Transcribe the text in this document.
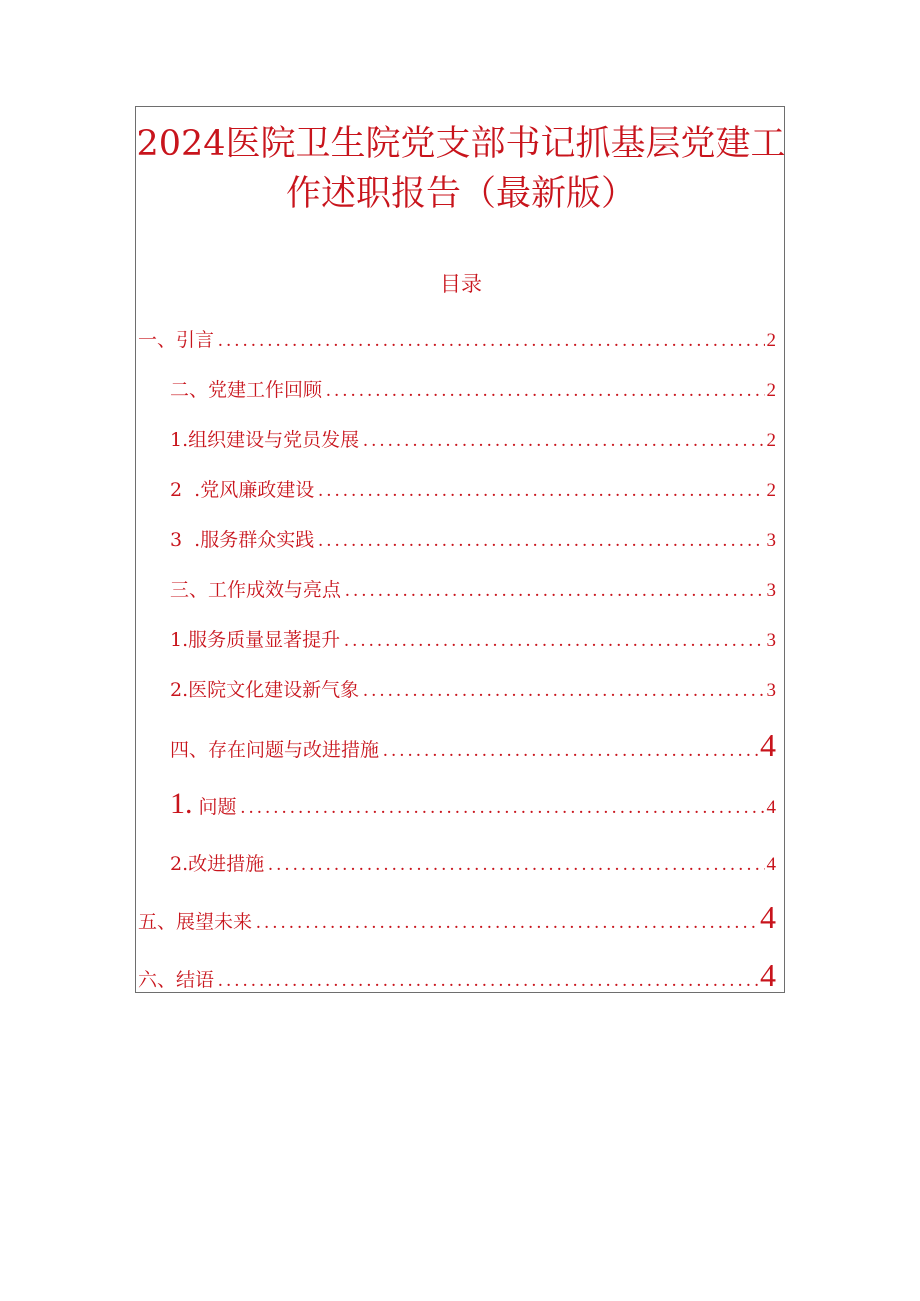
2024医院卫生院党支部书记抓基层党建工
作述职报告（最新版）
目录
一、引言 .....	2
二、党建工作回顾 .....	2
1.组织建设与党员发展 .....	2
2  .党风廉政建设 .....	2
3  .服务群众实践 .....	3
三、工作成效与亮点 .....	3
1.服务质量显著提升 .....	3
2.医院文化建设新气象 .....	3
四、存在问题与改进措施 .....	4
1. 问题 .....	4
2.改进措施 .....	4
五、展望未来 .....	4
六、结语 .....	4
